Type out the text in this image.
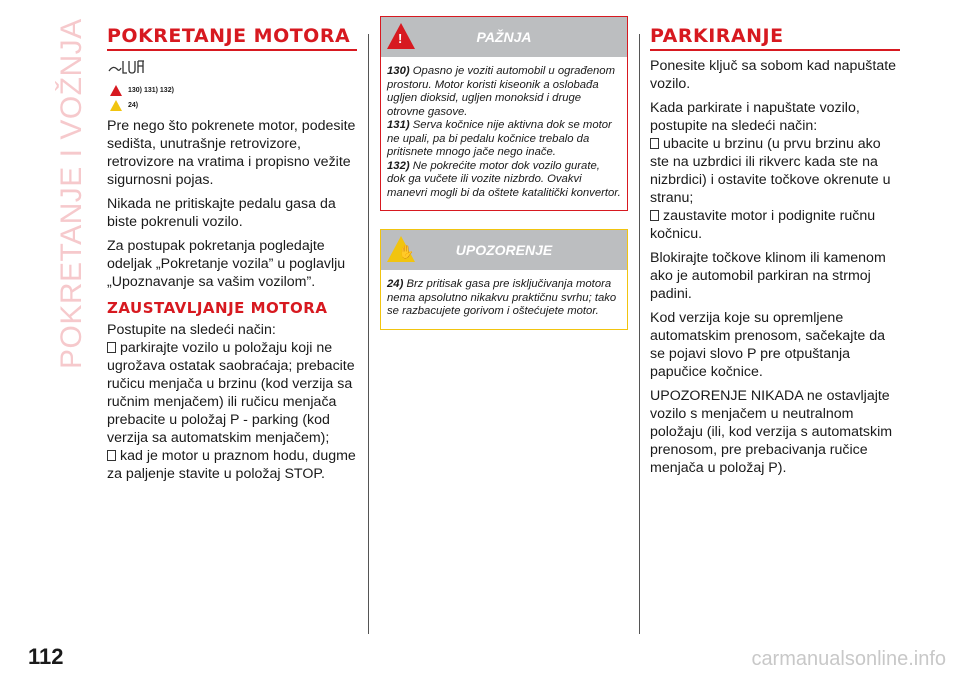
POKRETANJE I VOŽNJA
112	carmanualsonline.info
POKRETANJE MOTORA
130) 131) 132)
24)

Pre nego što pokrenete motor, podesite sedišta, unutrašnje retrovizore, retrovizore na vratima i propisno vežite sigurnosni pojas.

Nikada ne pritiskajte pedalu gasa da biste pokrenuli vozilo.

Za postupak pokretanja pogledajte odeljak „Pokretanje vozila” u poglavlju „Upoznavanje sa vašim vozilom”.

ZAUSTAVLJANJE MOTORA

Postupite na sledeći način:

parkirajte vozilo u položaju koji ne ugrožava ostatak saobraćaja; prebacite ručicu menjača u brzinu (kod verzija sa ručnim menjačem) ili ručicu menjača prebacite u položaj P - parking (kod verzija sa automatskim menjačem);

kad je motor u praznom hodu, dugme za paljenje stavite u položaj STOP.

!	PAŽNJA
130) Opasno je voziti automobil u ograđenom prostoru. Motor koristi kiseonik a oslobađa ugljen dioksid, ugljen monoksid i druge otrovne gasove.
131) Serva kočnice nije aktivna dok se motor ne upali, pa bi pedalu kočnice trebalo da pritisnete mnogo jače nego inače.
132) Ne pokrećite motor dok vozilo gurate, dok ga vučete ili vozite nizbrdo. Ovakvi manevri mogli bi da oštete katalitički konvertor.
✋	UPOZORENJE
24) Brz pritisak gasa pre isključivanja motora nema apsolutno nikakvu praktičnu svrhu; tako se razbacujete gorivom i oštećujete motor.
PARKIRANJE

Ponesite ključ sa sobom kad napuštate vozilo.

Kada parkirate i napuštate vozilo, postupite na sledeći način:

ubacite u brzinu (u prvu brzinu ako ste na uzbrdici ili rikverc kada ste na nizbrdici) i ostavite točkove okrenute u stranu;

zaustavite motor i podignite ručnu kočnicu.

Blokirajte točkove klinom ili kamenom ako je automobil parkiran na strmoj padini.

Kod verzija koje su opremljene automatskim prenosom, sačekajte da se pojavi slovo P pre otpuštanja papučice kočnice.

UPOZORENJE NIKADA ne ostavljajte vozilo s menjačem u neutralnom položaju (ili, kod verzija s automatskim prenosom, pre prebacivanja ručice menjača u položaj P).
